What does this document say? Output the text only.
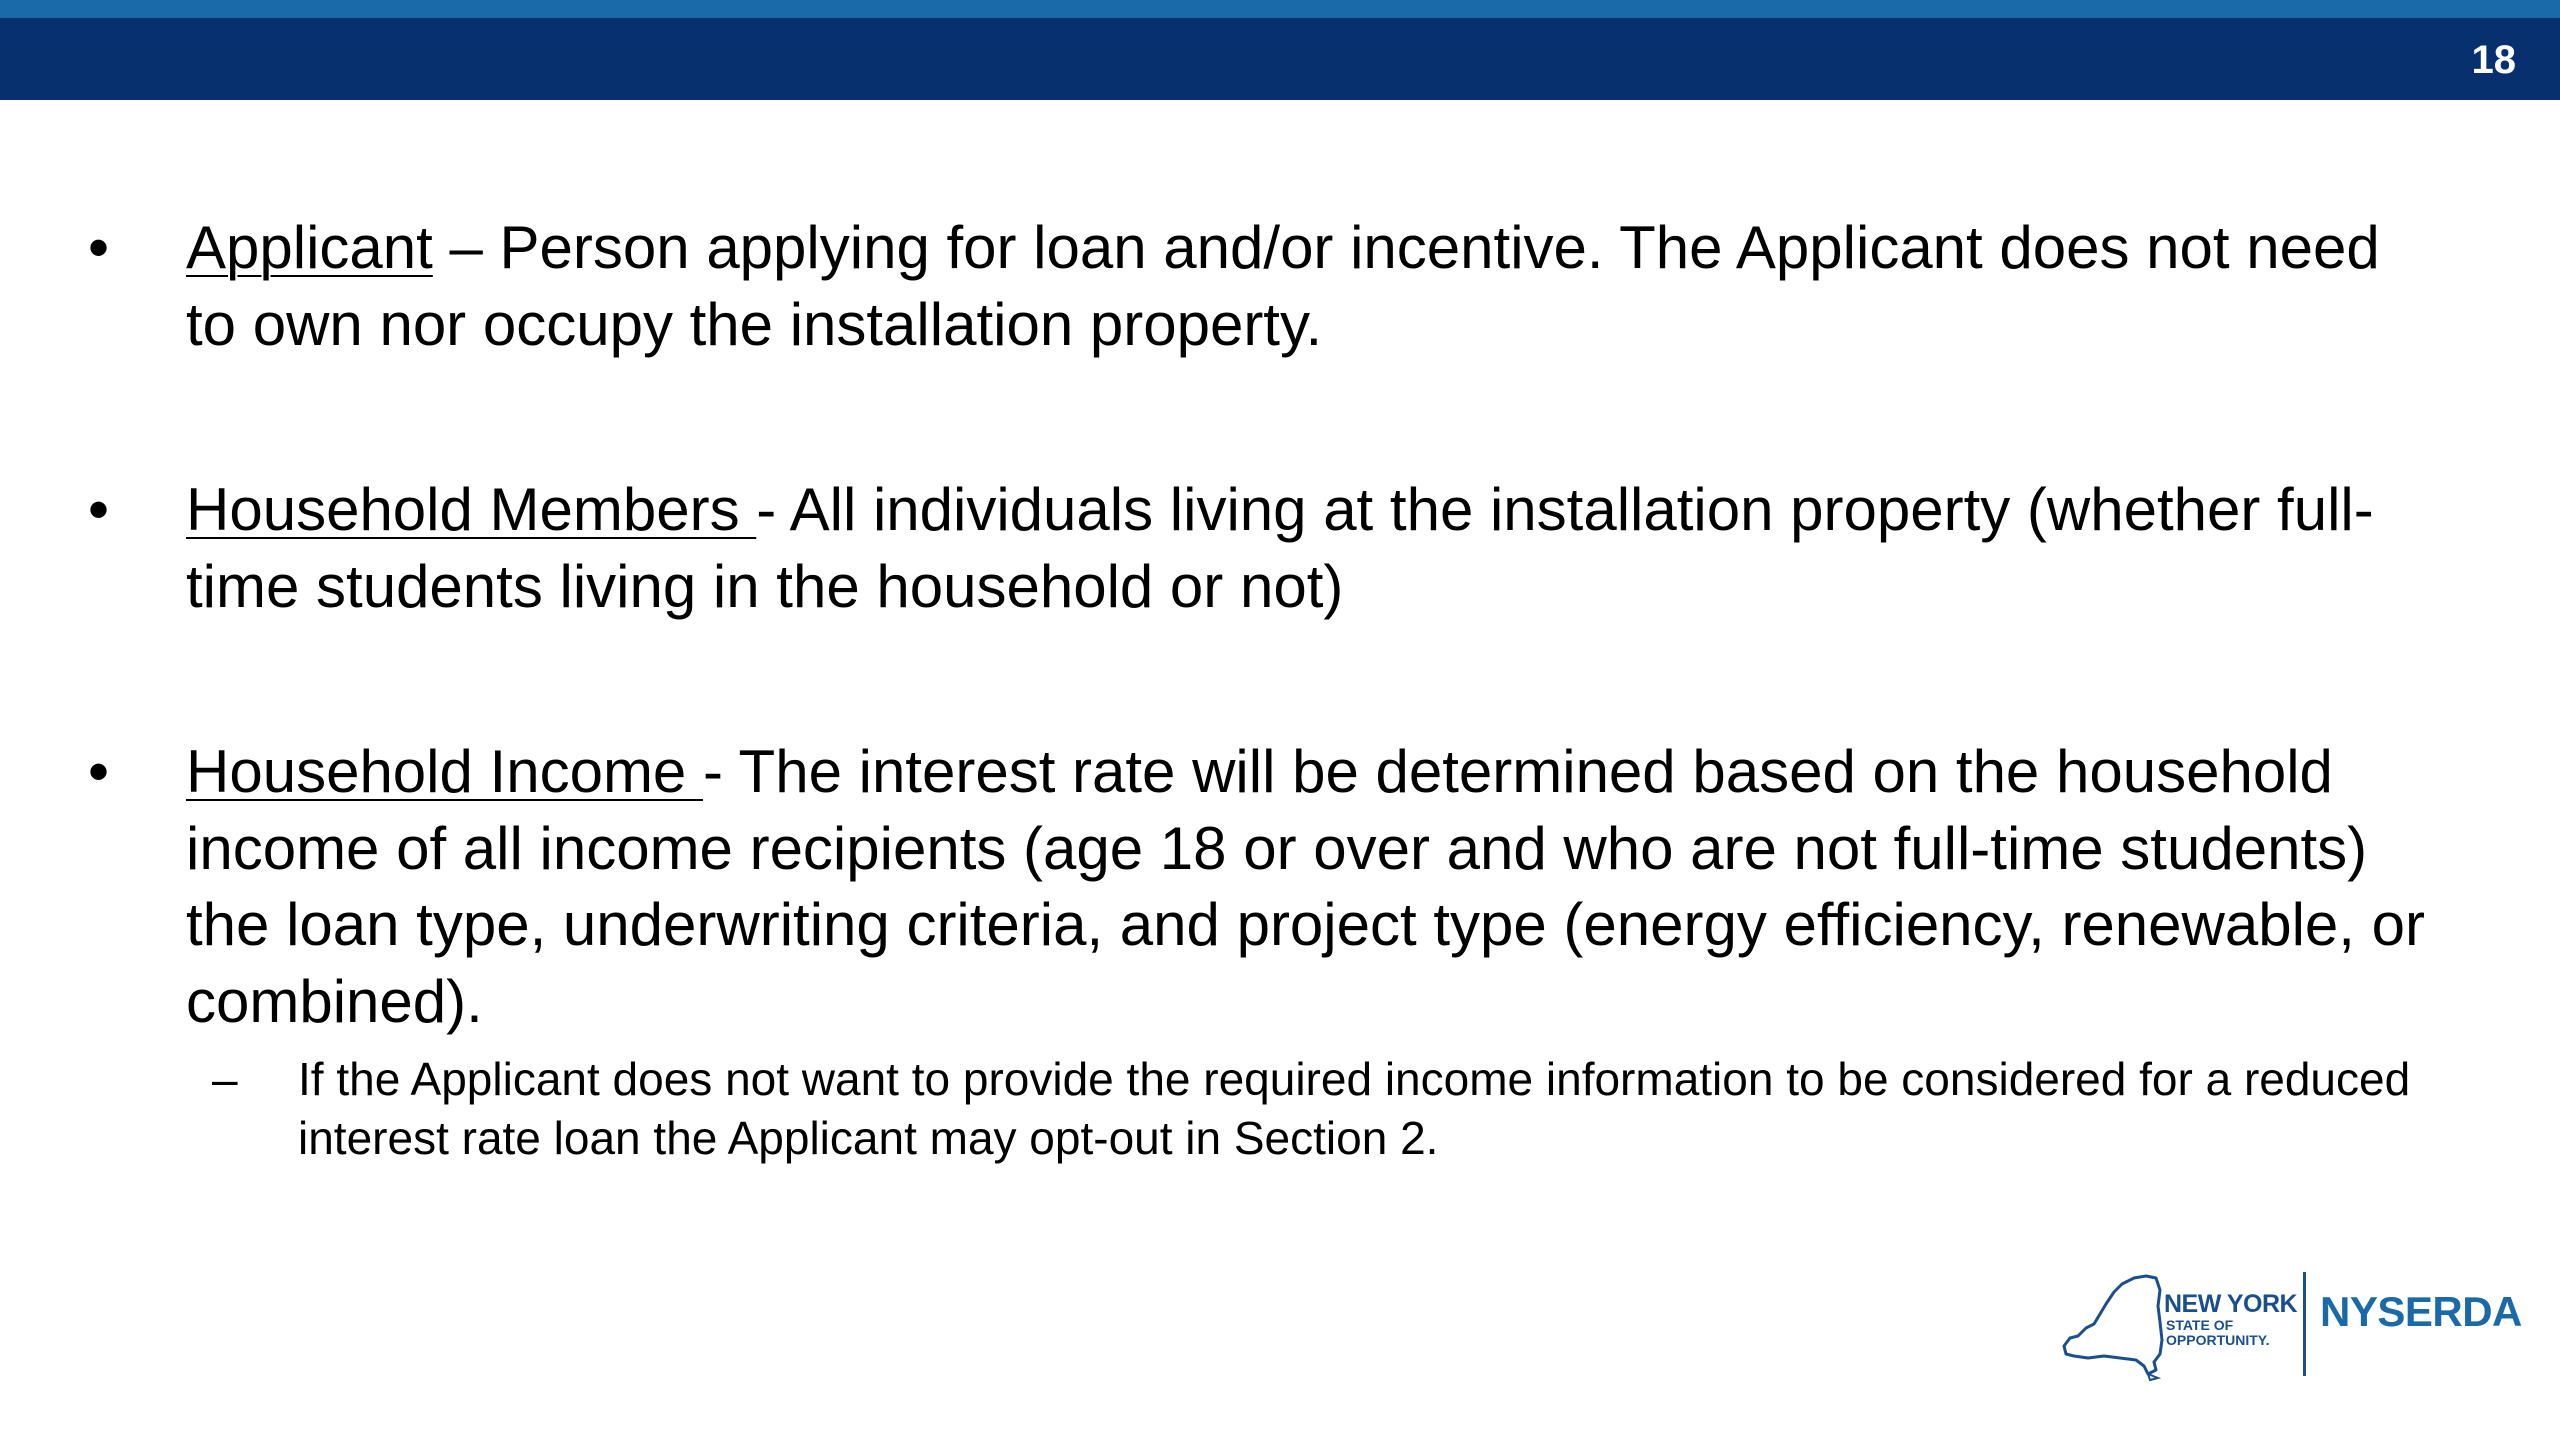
18
• Applicant – Person applying for loan and/or incentive. The Applicant does not need to own nor occupy the installation property.
• Household Members - All individuals living at the installation property (whether full-time students living in the household or not)
• Household Income - The interest rate will be determined based on the household income of all income recipients (age 18 or over and who are not full-time students) the loan type, underwriting criteria, and project type (energy efficiency, renewable, or combined).
– If the Applicant does not want to provide the required income information to be considered for a reduced interest rate loan the Applicant may opt-out in Section 2.
NEW YORK
STATE OF
OPPORTUNITY.
NYSERDA
